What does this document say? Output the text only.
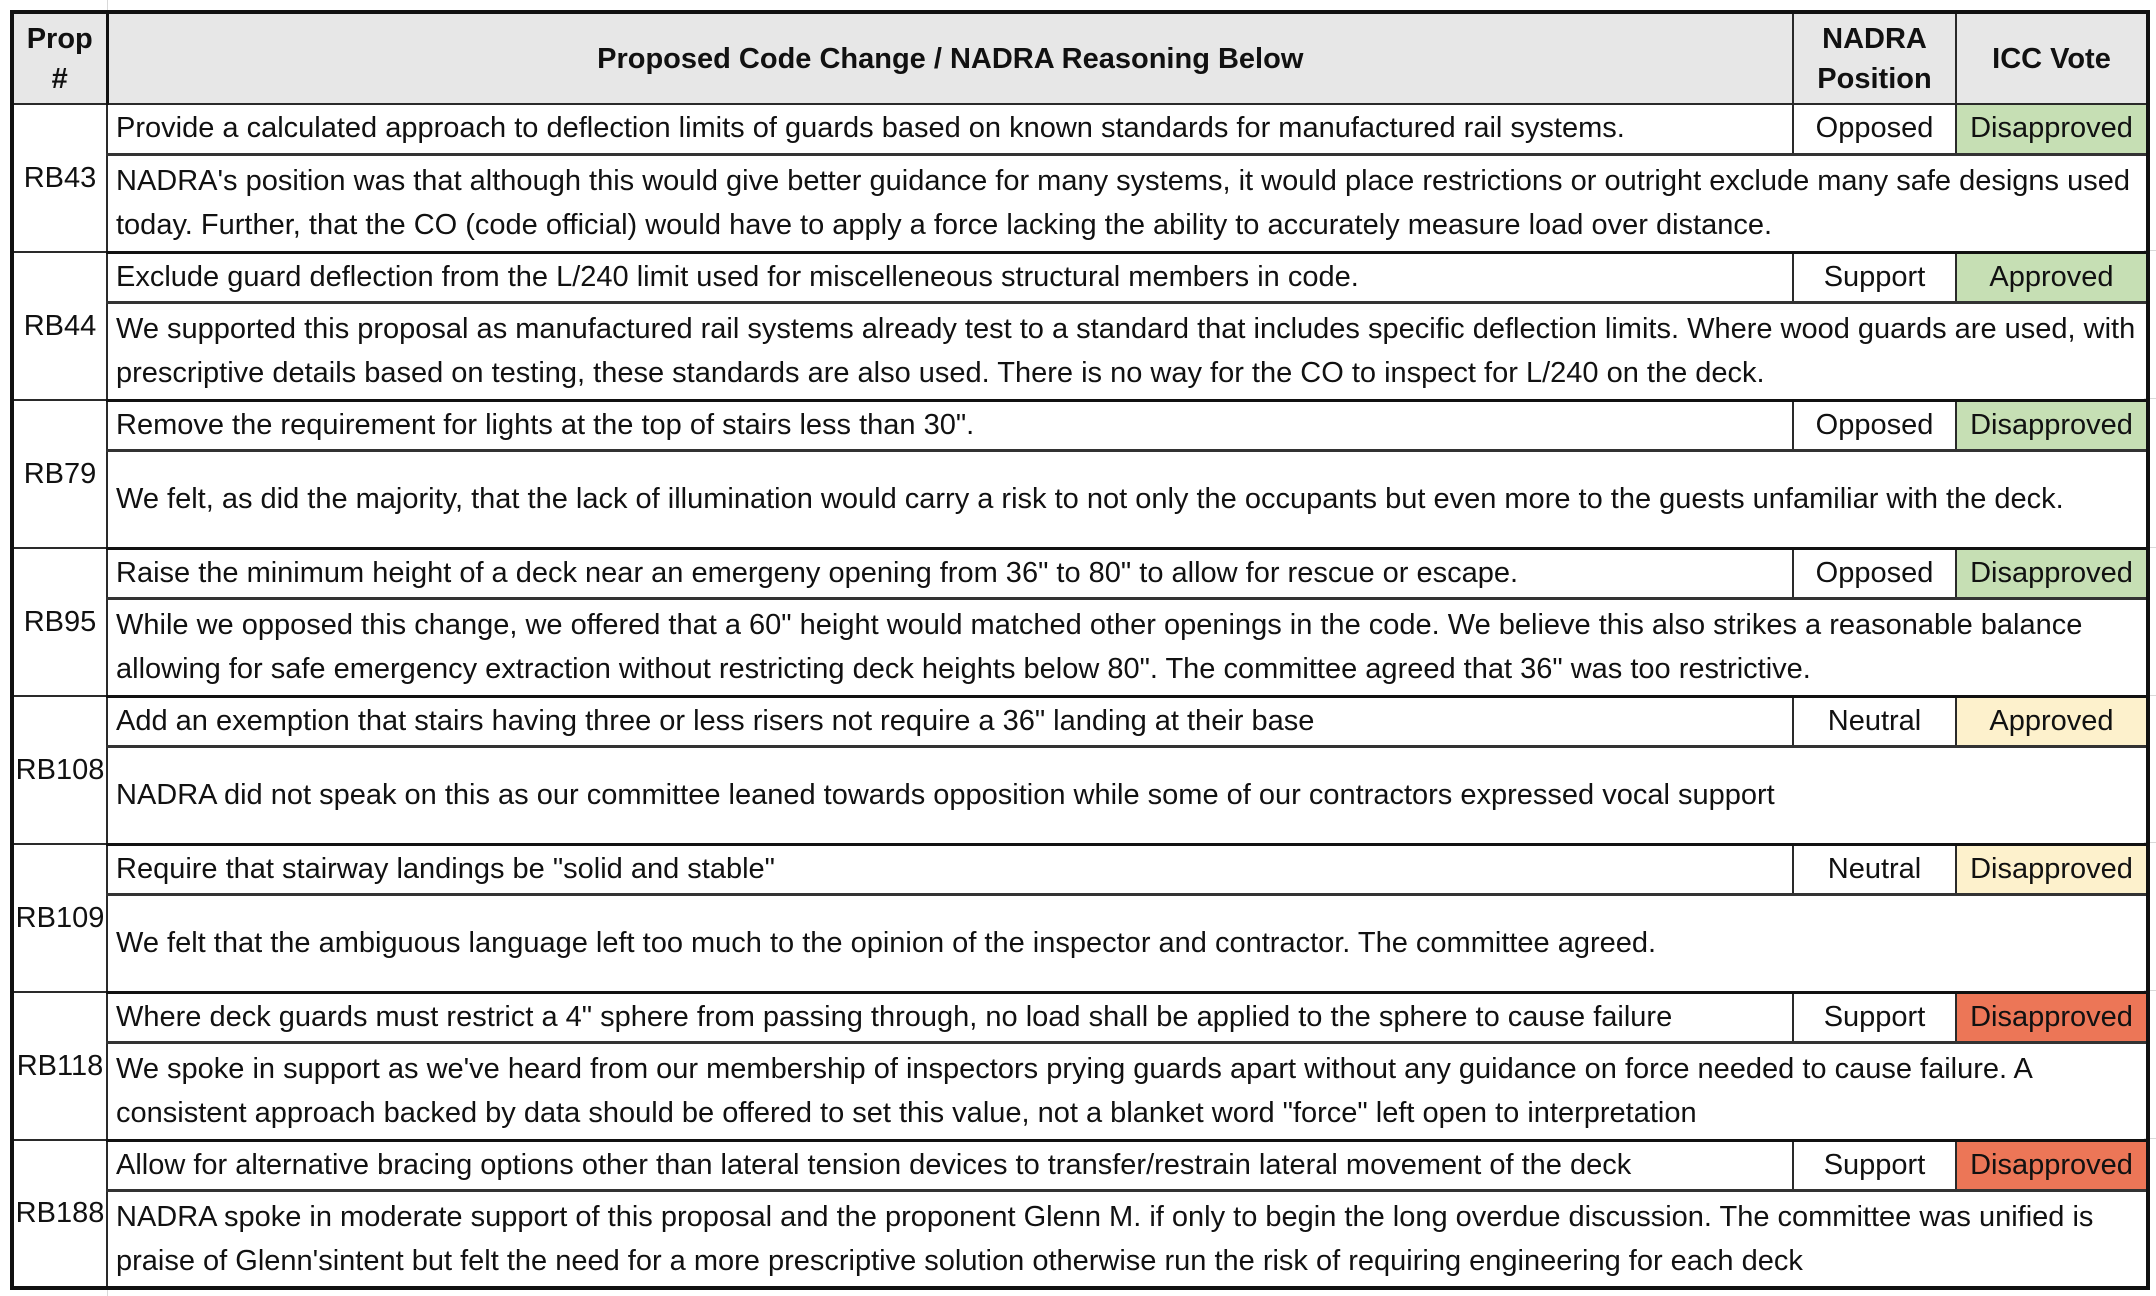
Prop
#
	Proposed Code Change / NADRA Reasoning Below	
NADRA
Position
	ICC Vote
RB43	Provide a calculated approach to deflection limits of guards based on known standards for manufactured rail systems.	Opposed	Disapproved
	NADRA's position was that although this would give better guidance for many systems, it would place restrictions or outright exclude many safe designs used today. Further, that the CO (code official) would have to apply a force lacking the ability to accurately measure load over distance.		
RB44	Exclude guard deflection from the L/240 limit used for miscelleneous structural members in code.	Support	Approved
	We supported this proposal as manufactured rail systems already test to a standard that includes specific deflection limits. Where wood guards are used, with prescriptive details based on testing, these standards are also used. There is no way for the CO to inspect for L/240 on the deck.		
RB79	Remove the requirement for lights at the top of stairs less than 30".	Opposed	Disapproved
	We felt, as did the majority, that the lack of illumination would carry a risk to not only the occupants but even more to the guests unfamiliar with the deck.		
RB95	Raise the minimum height of a deck near an emergeny opening from 36" to 80" to allow for rescue or escape.	Opposed	Disapproved
	While we opposed this change, we offered that a 60" height would matched other openings in the code. We believe this also strikes a reasonable balance allowing for safe emergency extraction without restricting deck heights below 80". The committee agreed that 36" was too restrictive.		
RB108	Add an exemption that stairs having three or less risers not require a 36" landing at their base	Neutral	Approved
	NADRA did not speak on this as our committee leaned towards opposition while some of our contractors expressed vocal support		
RB109	Require that stairway landings be "solid and stable"	Neutral	Disapproved
	We felt that the ambiguous language left too much to the opinion of the inspector and contractor. The committee agreed.		
RB118	Where deck guards must restrict a 4" sphere from passing through, no load shall be applied to the sphere to cause failure	Support	Disapproved
	We spoke in support as we've heard from our membership of inspectors prying guards apart without any guidance on force needed to cause failure. A consistent approach backed by data should be offered to set this value, not a blanket word "force" left open to interpretation		
RB188	Allow for alternative bracing options other than lateral tension devices to transfer/restrain lateral movement of the deck	Support	Disapproved
	NADRA spoke in moderate support of this proposal and the proponent Glenn M. if only to begin the long overdue discussion. The committee was unified is praise of Glenn'sintent but felt the need for a more prescriptive solution otherwise run the risk of requiring engineering for each deck		
